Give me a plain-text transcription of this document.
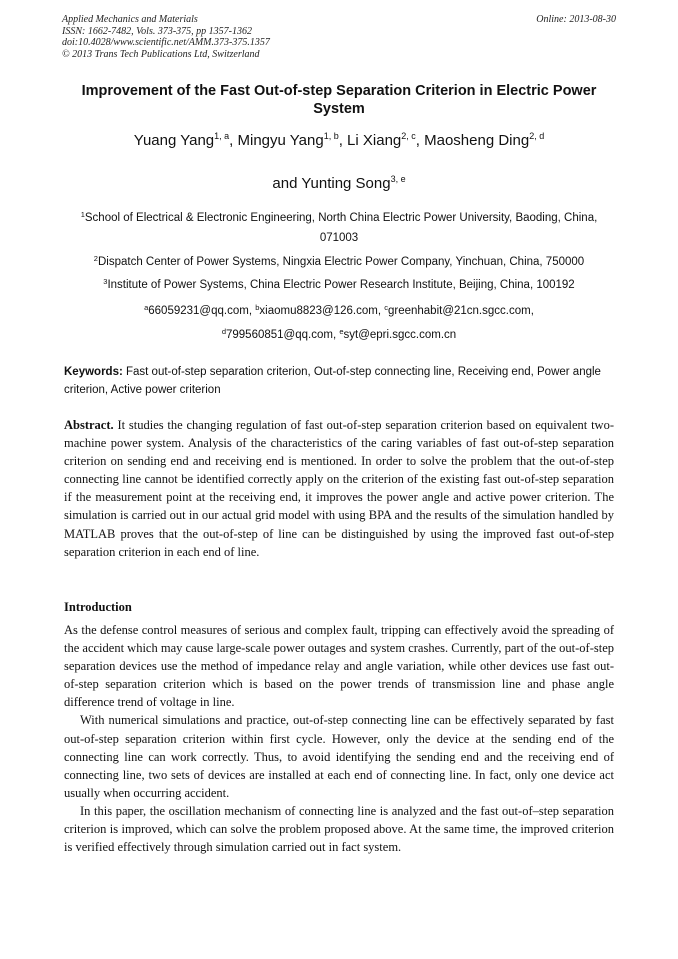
Applied Mechanics and Materials
ISSN: 1662-7482, Vols. 373-375, pp 1357-1362
doi:10.4028/www.scientific.net/AMM.373-375.1357
© 2013 Trans Tech Publications Ltd, Switzerland
Online: 2013-08-30
Improvement of the Fast Out-of-step Separation Criterion in Electric Power System
Yuang Yang$^{1, a}$, Mingyu Yang$^{1, b}$, Li Xiang$^{2, c}$, Maosheng Ding$^{2, d}$
and Yunting Song$^{3, e}$
$^1$School of Electrical & Electronic Engineering, North China Electric Power University, Baoding, China, 071003
$^2$Dispatch Center of Power Systems, Ningxia Electric Power Company, Yinchuan, China, 750000
$^3$Institute of Power Systems, China Electric Power Research Institute, Beijing, China, 100192
$^a$66059231@qq.com, $^b$xiaomu8823@126.com, $^c$greenhabit@21cn.sgcc.com,
$^d$799560851@qq.com, $^e$syt@epri.sgcc.com.cn
Keywords: Fast out-of-step separation criterion, Out-of-step connecting line, Receiving end, Power angle criterion, Active power criterion
Abstract. It studies the changing regulation of fast out-of-step separation criterion based on equivalent two-machine power system. Analysis of the characteristics of the caring variables of fast out-of-step separation criterion on sending end and receiving end is mentioned. In order to solve the problem that the out-of-step connecting line cannot be identified correctly apply on the criterion of the existing fast out-of-step separation if the measurement point at the receiving end, it improves the power angle and active power criterion. The simulation is carried out in our actual grid model with using BPA and the results of the simulation handled by MATLAB proves that the out-of-step of line can be distinguished by using the improved fast out-of-step separation criterion in each end of line.
Introduction

As the defense control measures of serious and complex fault, tripping can effectively avoid the spreading of the accident which may cause large-scale power outages and system crashes. Currently, part of the out-of-step separation devices use the method of impedance relay and angle variation, while other devices use fast out-of-step separation criterion which is based on the power trends of transmission line and phase angle difference trend of voltage in line.

With numerical simulations and practice, out-of-step connecting line can be effectively separated by fast out-of-step separation criterion within first cycle. However, only the device at the sending end of the connecting line can work correctly. Thus, to avoid identifying the sending end and the receiving end of connecting line, two sets of devices are installed at each end of connecting line. In fact, only one device act usually when occurring accident.

In this paper, the oscillation mechanism of connecting line is analyzed and the fast out-of–step separation criterion is improved, which can solve the problem proposed above. At the same time, the improved criterion is verified effectively through simulation carried out in fact system.
